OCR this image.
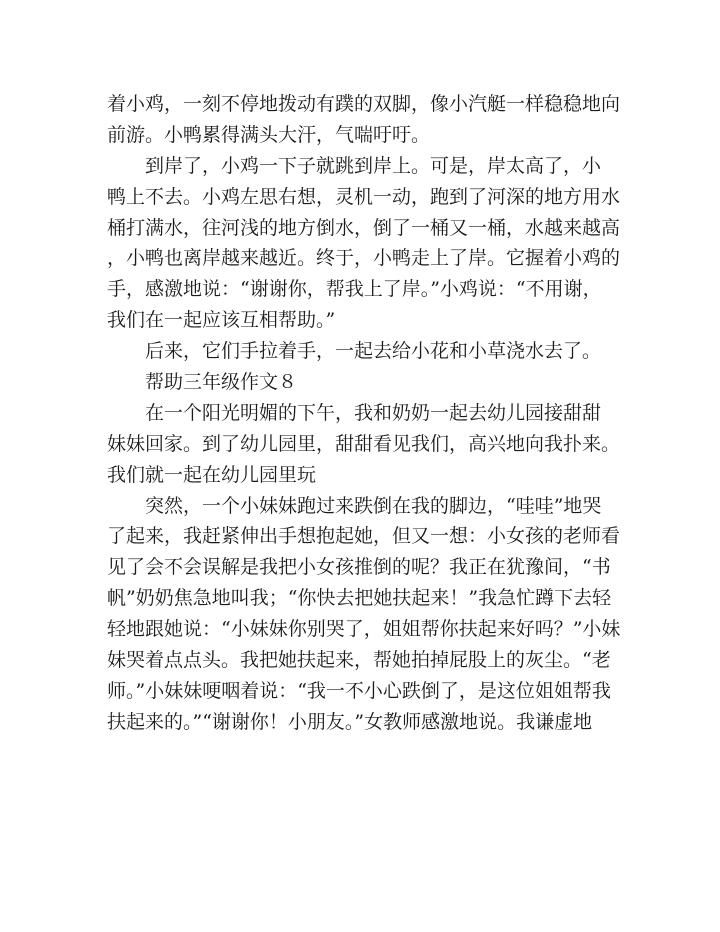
着小鸡，一刻不停地拨动有蹼的双脚，像小汽艇一样稳稳地向
前游。小鸭累得满头大汗，气喘吁吁。
　　到岸了，小鸡一下子就跳到岸上。可是，岸太高了，小
鸭上不去。小鸡左思右想，灵机一动，跑到了河深的地方用水
桶打满水，往河浅的地方倒水，倒了一桶又一桶，水越来越高
，小鸭也离岸越来越近。终于，小鸭走上了岸。它握着小鸡的
手，感激地说：“谢谢你，帮我上了岸。”小鸡说：“不用谢，
我们在一起应该互相帮助。”
　　后来，它们手拉着手，一起去给小花和小草浇水去了。
　　帮助三年级作文８
　　在一个阳光明媚的下午，我和奶奶一起去幼儿园接甜甜
妹妹回家。到了幼儿园里，甜甜看见我们，高兴地向我扑来。
我们就一起在幼儿园里玩
　　突然，一个小妹妹跑过来跌倒在我的脚边，“哇哇”地哭
了起来，我赶紧伸出手想抱起她，但又一想：小女孩的老师看
见了会不会误解是我把小女孩推倒的呢？我正在犹豫间，“书
帆”奶奶焦急地叫我；“你快去把她扶起来！”我急忙蹲下去轻
轻地跟她说：“小妹妹你别哭了，姐姐帮你扶起来好吗？”小妹
妹哭着点点头。我把她扶起来，帮她拍掉屁股上的灰尘。“老
师。”小妹妹哽咽着说：“我一不小心跌倒了，是这位姐姐帮我
扶起来的。”“谢谢你！小朋友。”女教师感激地说。我谦虚地
